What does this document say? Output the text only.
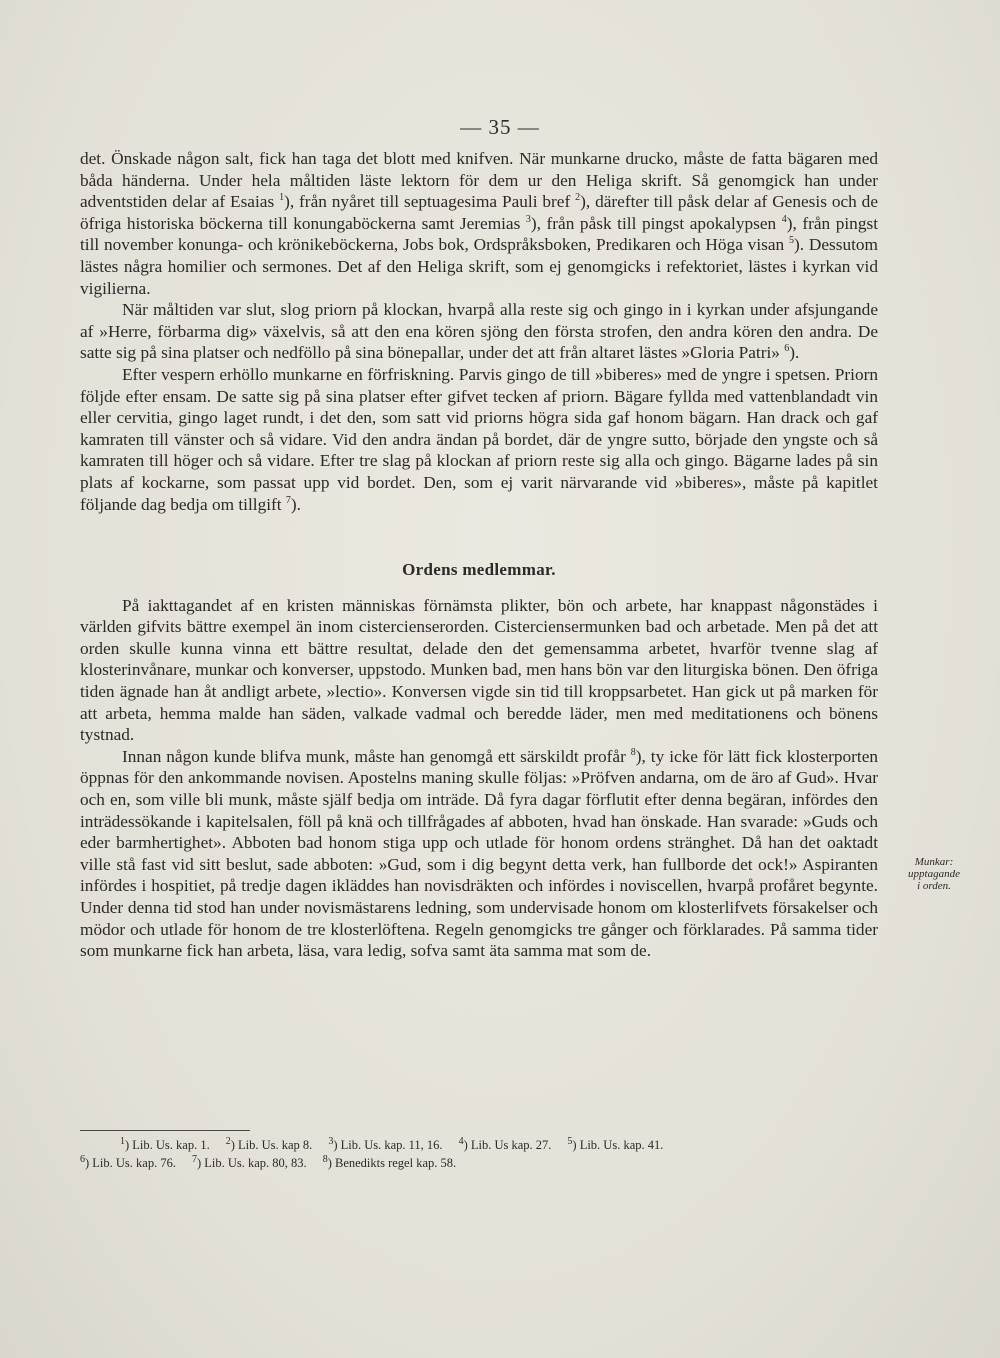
— 35 —

det. Önskade någon salt, fick han taga det blott med knifven. När munkarne drucko, måste de fatta bägaren med båda händerna. Under hela måltiden läste lektorn för dem ur den Heliga skrift. Så genomgick han under adventstiden delar af Esaias $^1$), från nyåret till septuagesima Pauli bref $^2$), därefter till påsk delar af Genesis och de öfriga historiska böckerna till konungaböckerna samt Jeremias $^3$), från påsk till pingst apokalypsen $^4$), från pingst till november konunga- och krönikeböckerna, Jobs bok, Ordspråksboken, Predikaren och Höga visan $^5$). Dessutom lästes några homilier och sermones. Det af den Heliga skrift, som ej genomgicks i refektoriet, lästes i kyrkan vid vigilierna.

När måltiden var slut, slog priorn på klockan, hvarpå alla reste sig och gingo in i kyrkan under afsjungande af »Herre, förbarma dig» växelvis, så att den ena kören sjöng den första strofen, den andra kören den andra. De satte sig på sina platser och nedföllo på sina bönepallar, under det att från altaret lästes »Gloria Patri» $^6$).

Efter vespern erhöllo munkarne en förfriskning. Parvis gingo de till »biberes» med de yngre i spetsen. Priorn följde efter ensam. De satte sig på sina platser efter gifvet tecken af priorn. Bägare fyllda med vattenblandadt vin eller cervitia, gingo laget rundt, i det den, som satt vid priorns högra sida gaf honom bägarn. Han drack och gaf kamraten till vänster och så vidare. Vid den andra ändan på bordet, där de yngre sutto, började den yngste och så kamraten till höger och så vidare. Efter tre slag på klockan af priorn reste sig alla och gingo. Bägarne lades på sin plats af kockarne, som passat upp vid bordet. Den, som ej varit närvarande vid »biberes», måste på kapitlet följande dag bedja om tillgift $^7$).

Ordens medlemmar.

På iakttagandet af en kristen människas förnämsta plikter, bön och arbete, har knappast någonstädes i världen gifvits bättre exempel än inom cistercienserorden. Cisterciensermunken bad och arbetade. Men på det att orden skulle kunna vinna ett bättre resultat, delade den det gemensamma arbetet, hvarför tvenne slag af klosterinvånare, munkar och konverser, uppstodo. Munken bad, men hans bön var den liturgiska bönen. Den öfriga tiden ägnade han åt andligt arbete, »lectio». Konversen vigde sin tid till kroppsarbetet. Han gick ut på marken för att arbeta, hemma malde han säden, valkade vadmal och beredde läder, men med meditationens och bönens tystnad.

Innan någon kunde blifva munk, måste han genomgå ett särskildt profår $^8$), ty icke för lätt fick klosterporten öppnas för den ankommande novisen. Apostelns maning skulle följas: »Pröfven andarna, om de äro af Gud». Hvar och en, som ville bli munk, måste själf bedja om inträde. Då fyra dagar förflutit efter denna begäran, infördes den inträdessökande i kapitelsalen, föll på knä och tillfrågades af abboten, hvad han önskade. Han svarade: »Guds och eder barmhertighet». Abboten bad honom stiga upp och utlade för honom ordens stränghet. Då han det oaktadt ville stå fast vid sitt beslut, sade abboten: »Gud, som i dig begynt detta verk, han fullborde det ock!» Aspiranten infördes i hospitiet, på tredje dagen ikläddes han novisdräkten och infördes i noviscellen, hvarpå profåret begynte. Under denna tid stod han under novismästarens ledning, som undervisade honom om klosterlifvets försakelser och mödor och utlade för honom de tre klosterlöftena. Regeln genomgicks tre gånger och förklarades. På samma tider som munkarne fick han arbeta, läsa, vara ledig, sofva samt äta samma mat som de.

Munkar:
upptagande
i orden.
$^1$) Lib. Us. kap. 1. $^2$) Lib. Us. kap 8. $^3$) Lib. Us. kap. 11, 16. $^4$) Lib. Us kap. 27. $^5$) Lib. Us. kap. 41.
$^6$) Lib. Us. kap. 76. $^7$) Lib. Us. kap. 80, 83. $^8$) Benedikts regel kap. 58.
